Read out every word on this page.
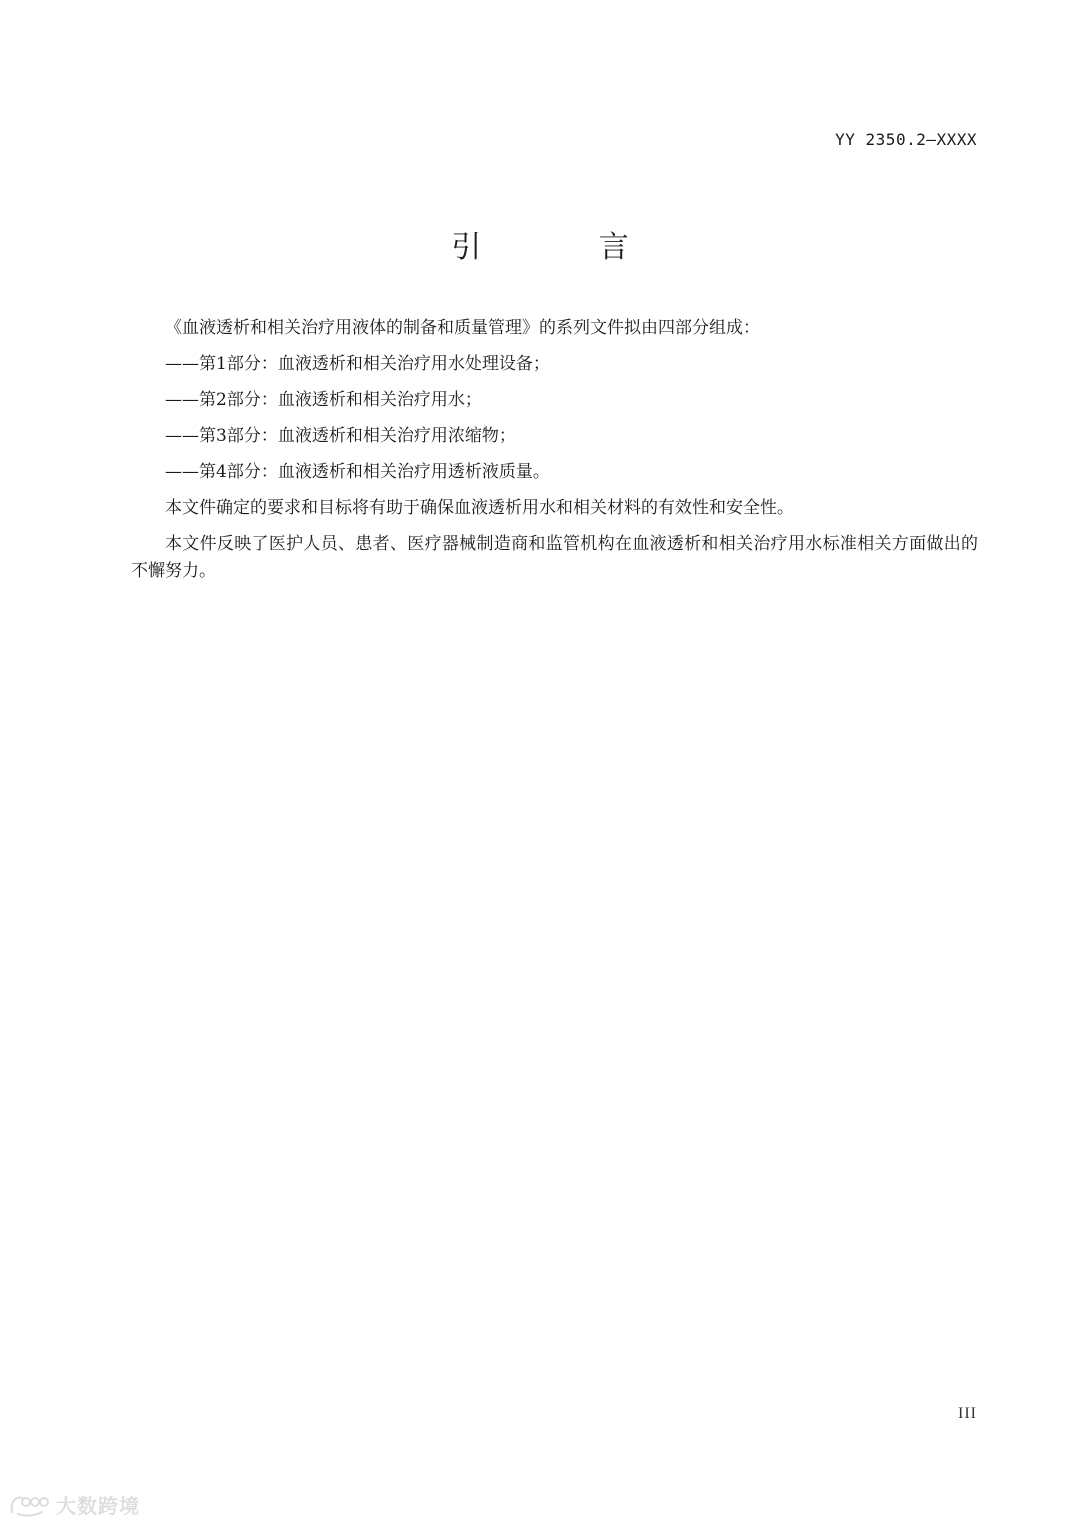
YY 2350.2—XXXX
引 言

《血液透析和相关治疗用液体的制备和质量管理》的系列文件拟由四部分组成：

——第1部分：血液透析和相关治疗用水处理设备；

——第2部分：血液透析和相关治疗用水；

——第3部分：血液透析和相关治疗用浓缩物；

——第4部分：血液透析和相关治疗用透析液质量。

本文件确定的要求和目标将有助于确保血液透析用水和相关材料的有效性和安全性。

本文件反映了医护人员、患者、医疗器械制造商和监管机构在血液透析和相关治疗用水标准相关方面做出的不懈努力。

III
大数跨境
